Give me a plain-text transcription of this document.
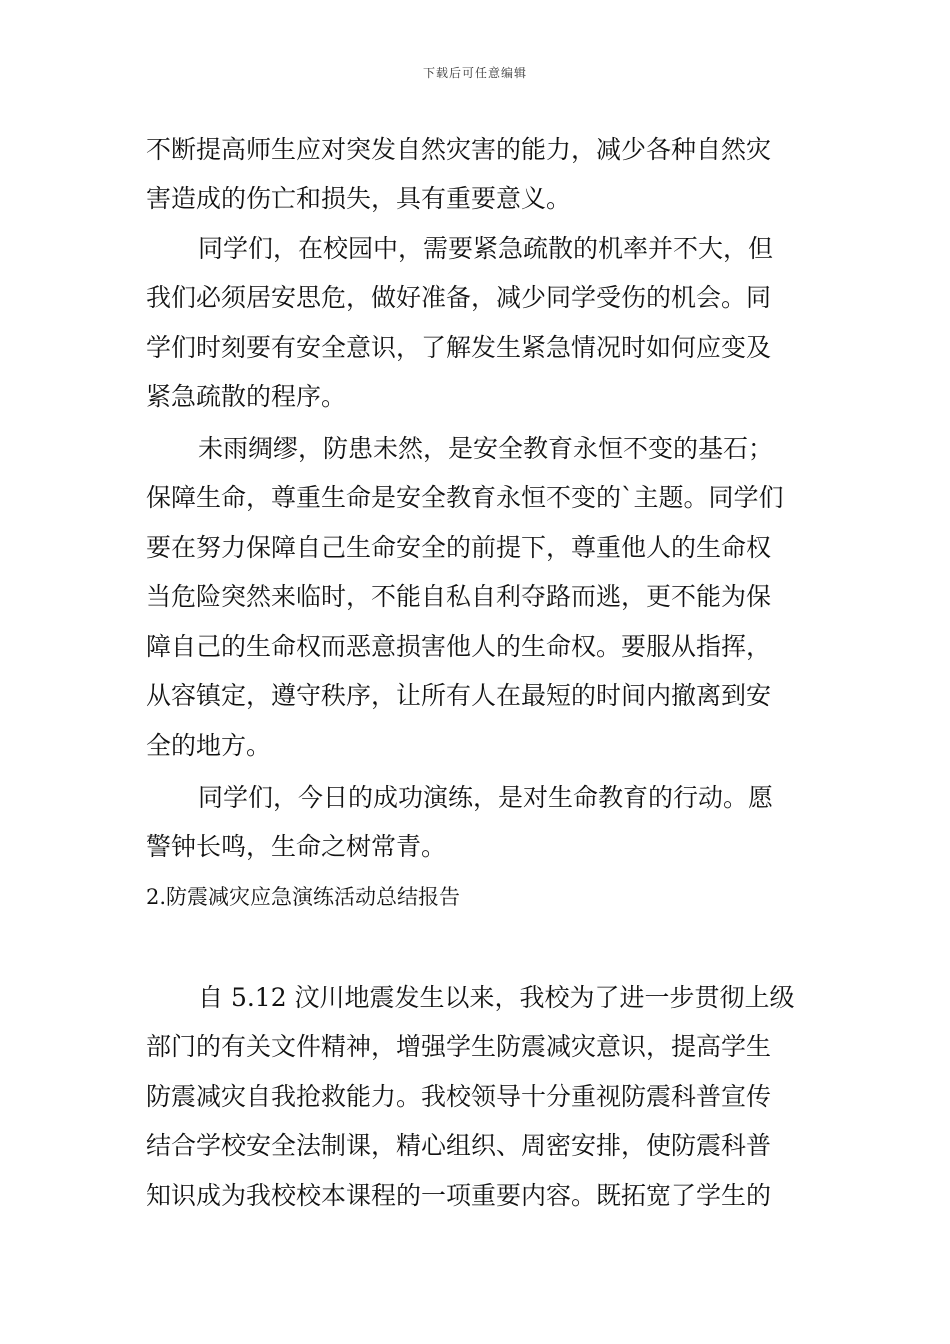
下载后可任意编辑
不断提高师生应对突发自然灾害的能力，减少各种自然灾
害造成的伤亡和损失，具有重要意义。
同学们，在校园中，需要紧急疏散的机率并不大，但
我们必须居安思危，做好准备，减少同学受伤的机会。同
学们时刻要有安全意识，了解发生紧急情况时如何应变及
紧急疏散的程序。
未雨绸缪，防患未然，是安全教育永恒不变的基石；
保障生命，尊重生命是安全教育永恒不变的`主题。同学们
要在努力保障自己生命安全的前提下，尊重他人的生命权
当危险突然来临时，不能自私自利夺路而逃，更不能为保
障自己的生命权而恶意损害他人的生命权。要服从指挥，
从容镇定，遵守秩序，让所有人在最短的时间内撤离到安
全的地方。
同学们，今日的成功演练，是对生命教育的行动。愿
警钟长鸣，生命之树常青。
2.防震减灾应急演练活动总结报告
自 5.12 汶川地震发生以来，我校为了进一步贯彻上级
部门的有关文件精神，增强学生防震减灾意识，提高学生
防震减灾自我抢救能力。我校领导十分重视防震科普宣传
结合学校安全法制课，精心组织、周密安排，使防震科普
知识成为我校校本课程的一项重要内容。既拓宽了学生的
